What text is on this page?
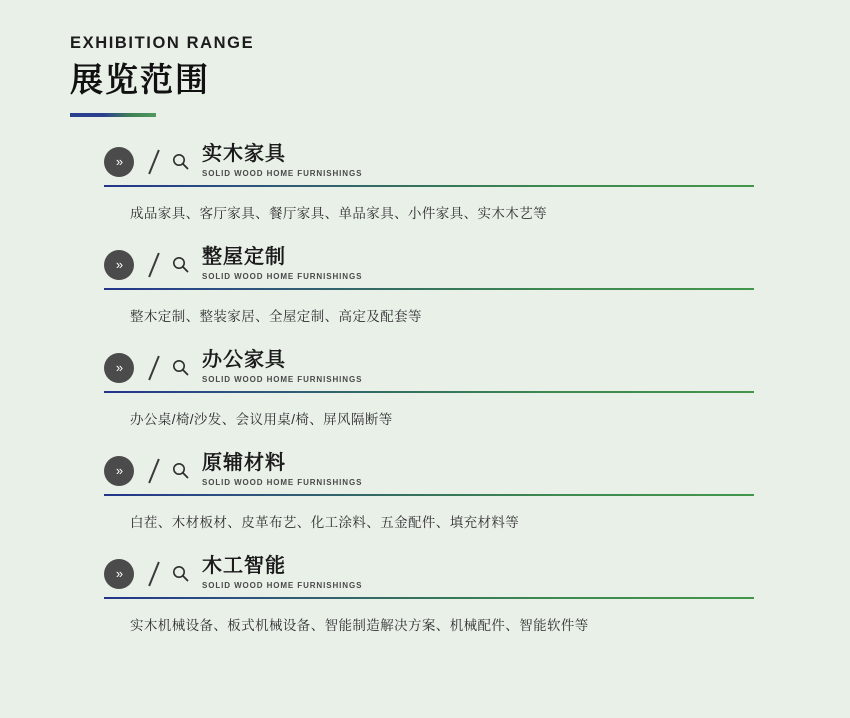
EXHIBITION RANGE
展览范围
»	实木家具
SOLID WOOD HOME FURNISHINGS
成品家具、客厅家具、餐厅家具、单品家具、小件家具、实木木艺等
»	整屋定制
SOLID WOOD HOME FURNISHINGS
整木定制、整装家居、全屋定制、高定及配套等
»	办公家具
SOLID WOOD HOME FURNISHINGS
办公桌/椅/沙发、会议用桌/椅、屏风隔断等
»	原辅材料
SOLID WOOD HOME FURNISHINGS
白茬、木材板材、皮革布艺、化工涂料、五金配件、填充材料等
»	木工智能
SOLID WOOD HOME FURNISHINGS
实木机械设备、板式机械设备、智能制造解决方案、机械配件、智能软件等
